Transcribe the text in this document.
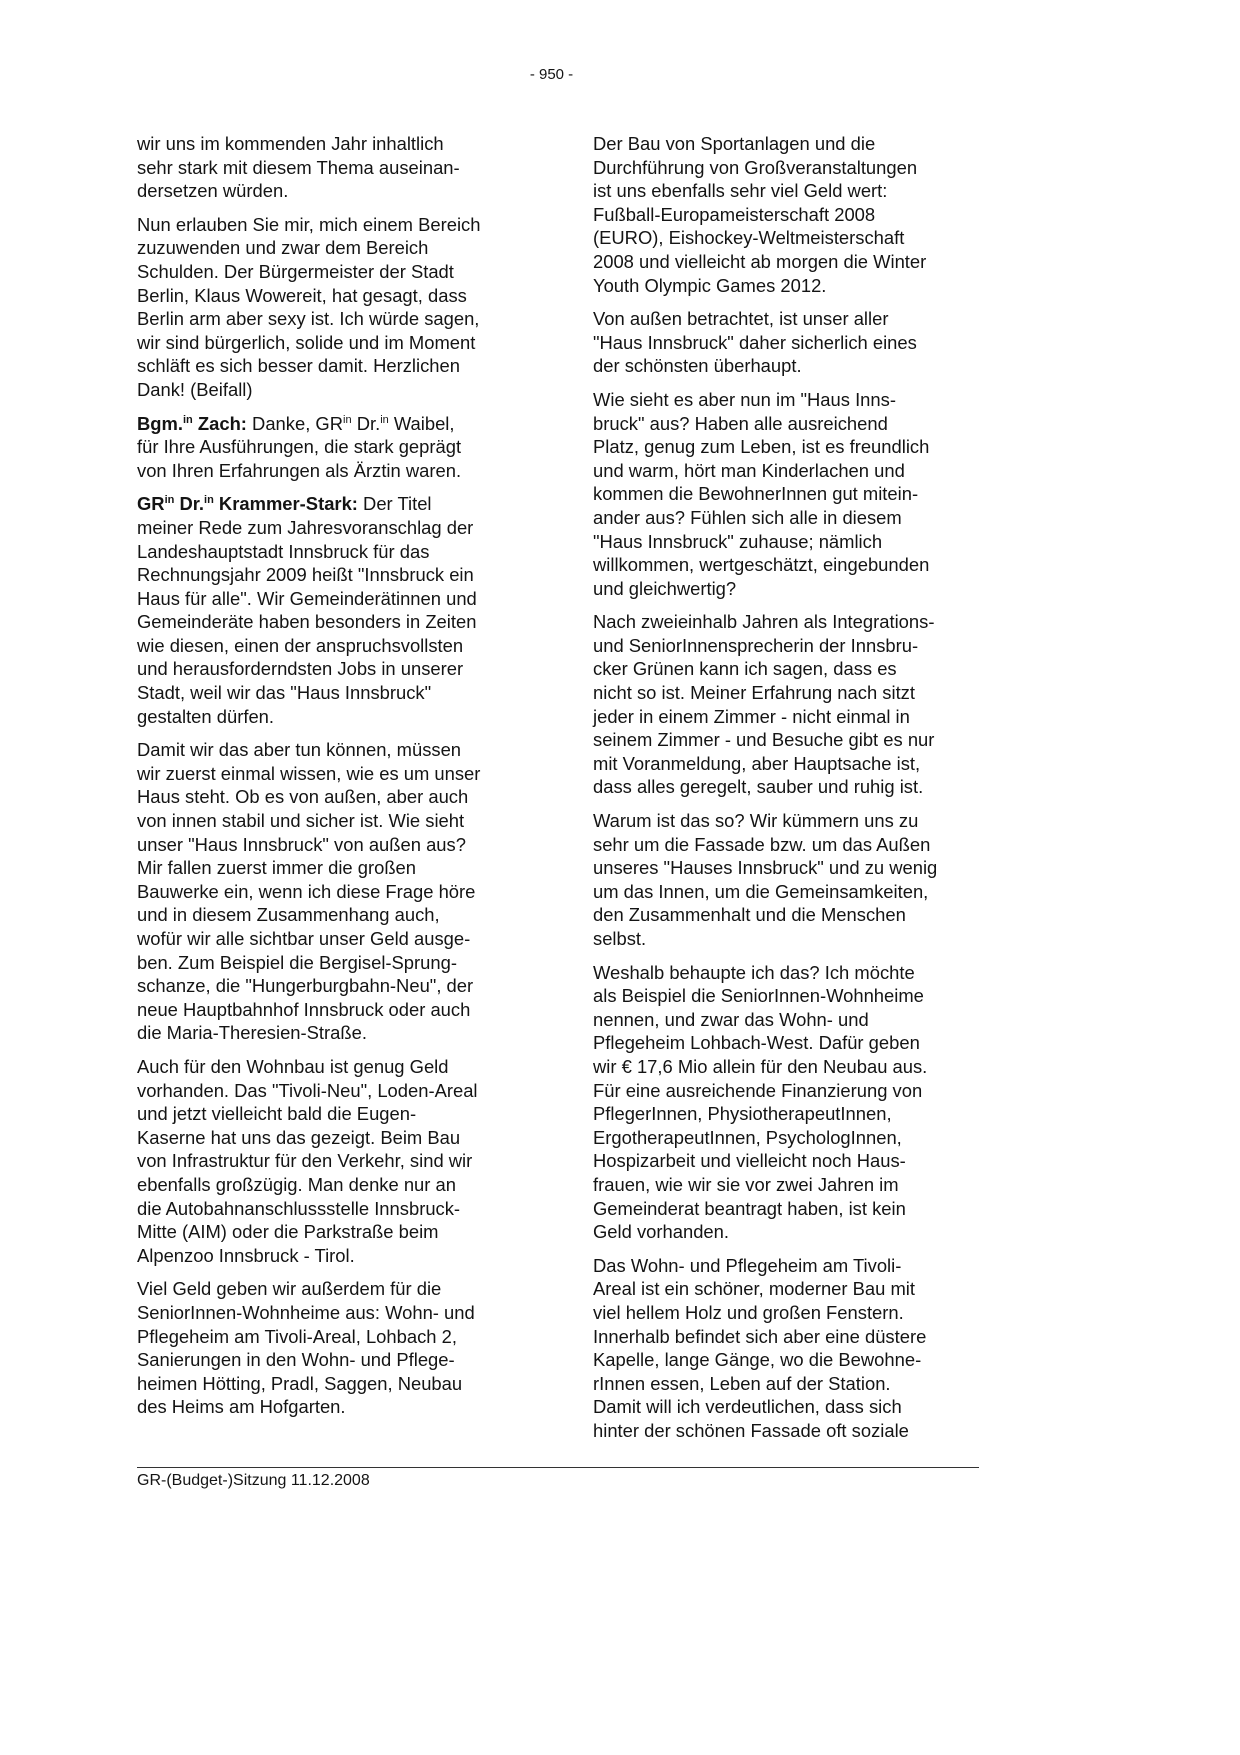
- 950 -

wir uns im kommenden Jahr inhaltlich
sehr stark mit diesem Thema auseinan-
dersetzen würden.

Nun erlauben Sie mir, mich einem Bereich
zuzuwenden und zwar dem Bereich
Schulden. Der Bürgermeister der Stadt
Berlin, Klaus Wowereit, hat gesagt, dass
Berlin arm aber sexy ist. Ich würde sagen,
wir sind bürgerlich, solide und im Moment
schläft es sich besser damit. Herzlichen
Dank! (Beifall)

Bgm.$^{in}$ Zach: Danke, $GR^{in}$ Dr.$^{in}$ Waibel,
für Ihre Ausführungen, die stark geprägt
von Ihren Erfahrungen als Ärztin waren.

$GR^{in}$ Dr.$^{in}$ Krammer-Stark: Der Titel
meiner Rede zum Jahresvoranschlag der
Landeshauptstadt Innsbruck für das
Rechnungsjahr 2009 heißt "Innsbruck ein
Haus für alle". Wir Gemeinderätinnen und
Gemeinderäte haben besonders in Zeiten
wie diesen, einen der anspruchsvollsten
und herausforderndsten Jobs in unserer
Stadt, weil wir das "Haus Innsbruck"
gestalten dürfen.

Damit wir das aber tun können, müssen
wir zuerst einmal wissen, wie es um unser
Haus steht. Ob es von außen, aber auch
von innen stabil und sicher ist. Wie sieht
unser "Haus Innsbruck" von außen aus?
Mir fallen zuerst immer die großen
Bauwerke ein, wenn ich diese Frage höre
und in diesem Zusammenhang auch,
wofür wir alle sichtbar unser Geld ausge-
ben. Zum Beispiel die Bergisel-Sprung-
schanze, die "Hungerburgbahn-Neu", der
neue Hauptbahnhof Innsbruck oder auch
die Maria-Theresien-Straße.

Auch für den Wohnbau ist genug Geld
vorhanden. Das "Tivoli-Neu", Loden-Areal
und jetzt vielleicht bald die Eugen-
Kaserne hat uns das gezeigt. Beim Bau
von Infrastruktur für den Verkehr, sind wir
ebenfalls großzügig. Man denke nur an
die Autobahnanschlussstelle Innsbruck-
Mitte (AIM) oder die Parkstraße beim
Alpenzoo Innsbruck - Tirol.

Viel Geld geben wir außerdem für die
SeniorInnen-Wohnheime aus: Wohn- und
Pflegeheim am Tivoli-Areal, Lohbach 2,
Sanierungen in den Wohn- und Pflege-
heimen Hötting, Pradl, Saggen, Neubau
des Heims am Hofgarten.

Der Bau von Sportanlagen und die
Durchführung von Großveranstaltungen
ist uns ebenfalls sehr viel Geld wert:
Fußball-Europameisterschaft 2008
(EURO), Eishockey-Weltmeisterschaft
2008 und vielleicht ab morgen die Winter
Youth Olympic Games 2012.

Von außen betrachtet, ist unser aller
"Haus Innsbruck" daher sicherlich eines
der schönsten überhaupt.

Wie sieht es aber nun im "Haus Inns-
bruck" aus? Haben alle ausreichend
Platz, genug zum Leben, ist es freundlich
und warm, hört man Kinderlachen und
kommen die BewohnerInnen gut mitein-
ander aus? Fühlen sich alle in diesem
"Haus Innsbruck" zuhause; nämlich
willkommen, wertgeschätzt, eingebunden
und gleichwertig?

Nach zweieinhalb Jahren als Integrations-
und SeniorInnensprecherin der Innsbru-
cker Grünen kann ich sagen, dass es
nicht so ist. Meiner Erfahrung nach sitzt
jeder in einem Zimmer - nicht einmal in
seinem Zimmer - und Besuche gibt es nur
mit Voranmeldung, aber Hauptsache ist,
dass alles geregelt, sauber und ruhig ist.

Warum ist das so? Wir kümmern uns zu
sehr um die Fassade bzw. um das Außen
unseres "Hauses Innsbruck" und zu wenig
um das Innen, um die Gemeinsamkeiten,
den Zusammenhalt und die Menschen
selbst.

Weshalb behaupte ich das? Ich möchte
als Beispiel die SeniorInnen-Wohnheime
nennen, und zwar das Wohn- und
Pflegeheim Lohbach-West. Dafür geben
wir € 17,6 Mio allein für den Neubau aus.
Für eine ausreichende Finanzierung von
PflegerInnen, PhysiotherapeutInnen,
ErgotherapeutInnen, PsychologInnen,
Hospizarbeit und vielleicht noch Haus-
frauen, wie wir sie vor zwei Jahren im
Gemeinderat beantragt haben, ist kein
Geld vorhanden.

Das Wohn- und Pflegeheim am Tivoli-
Areal ist ein schöner, moderner Bau mit
viel hellem Holz und großen Fenstern.
Innerhalb befindet sich aber eine düstere
Kapelle, lange Gänge, wo die Bewohne-
rInnen essen, Leben auf der Station.
Damit will ich verdeutlichen, dass sich
hinter der schönen Fassade oft soziale

GR-(Budget-)Sitzung 11.12.2008
